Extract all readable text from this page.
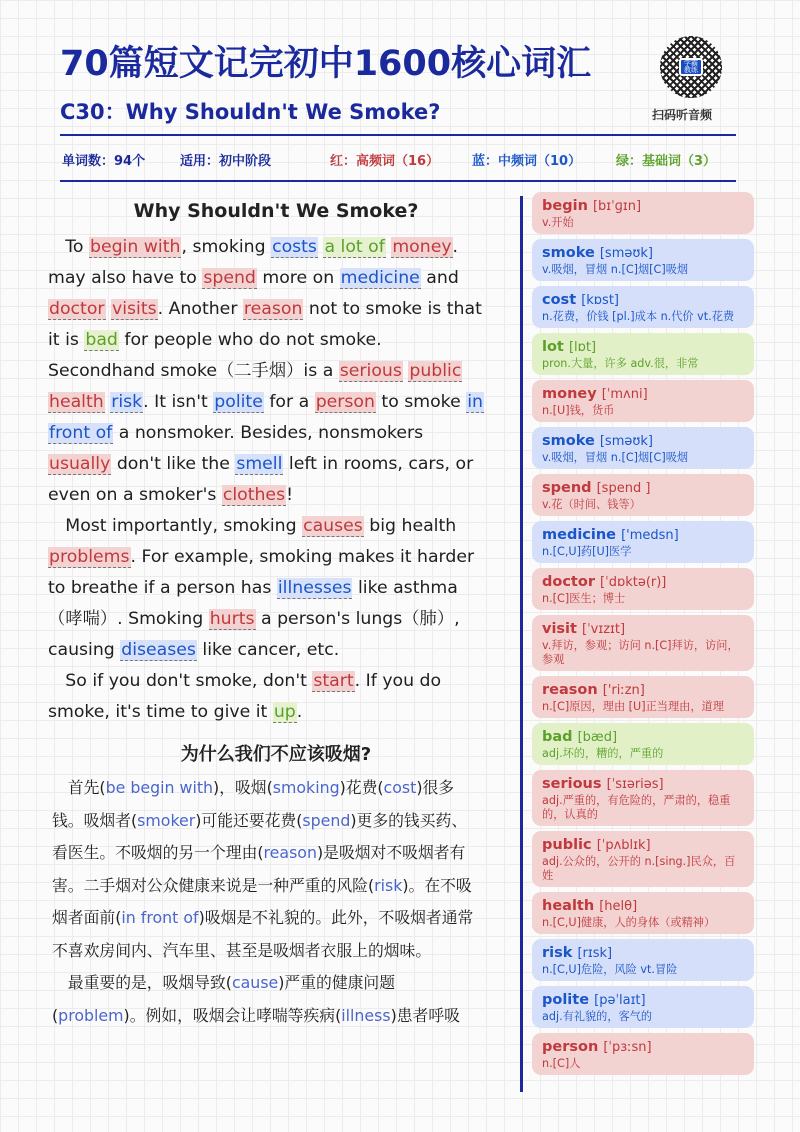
70篇短文记完初中1600核心词汇
C30：Why Shouldn't We Smoke?
学霸教练
扫码听音频
单词数：94个	适用：初中阶段	红：高频词（16）	蓝：中频词（10）	绿：基础词（3）
Why Shouldn't We Smoke?
　To begin with, smoking costs a lot of money.
may also have to spend more on medicine and
doctor visits. Another reason not to smoke is that
it is bad for people who do not smoke.
Secondhand smoke（二手烟）is a serious public
health risk. It isn't polite for a person to smoke in
front of a nonsmoker. Besides, nonsmokers
usually don't like the smell left in rooms, cars, or
even on a smoker's clothes!
　Most importantly, smoking causes big health
problems. For example, smoking makes it harder
to breathe if a person has illnesses like asthma
（哮喘）. Smoking hurts a person's lungs（肺）,
causing diseases like cancer, etc.
　So if you don't smoke, don't start. If you do
smoke, it's time to give it up.
为什么我们不应该吸烟?
　首先(be begin with)，吸烟(smoking)花费(cost)很多
钱。吸烟者(smoker)可能还要花费(spend)更多的钱买药、
看医生。不吸烟的另一个理由(reason)是吸烟对不吸烟者有
害。二手烟对公众健康来说是一种严重的风险(risk)。在不吸
烟者面前(in front of)吸烟是不礼貌的。此外，不吸烟者通常
不喜欢房间内、汽车里、甚至是吸烟者衣服上的烟味。
　最重要的是，吸烟导致(cause)严重的健康问题
(problem)。例如，吸烟会让哮喘等疾病(illness)患者呼吸
begin [bɪˈɡɪn]
v.开始
smoke [sməʊk]
v.吸烟，冒烟 n.[C]烟[C]吸烟
cost [kɒst]
n.花费，价钱 [pl.]成本 n.代价 vt.花费
lot [lɒt]
pron.大量，许多 adv.很，非常
money [ˈmʌni]
n.[U]钱，货币
smoke [sməʊk]
v.吸烟，冒烟 n.[C]烟[C]吸烟
spend [spend ]
v.花（时间、钱等）
medicine ['medsn]
n.[C,U]药[U]医学
doctor [ˈdɒktə(r)]
n.[C]医生；博士
visit [ˈvɪzɪt]
v.拜访，参观；访问 n.[C]拜访，访问，参观
reason ['riːzn]
n.[C]原因，理由 [U]正当理由，道理
bad [bæd]
adj.坏的，糟的，严重的
serious [ˈsɪəriəs]
adj.严重的，有危险的，严肃的，稳重的，认真的
public [ˈpʌblɪk]
adj.公众的，公开的 n.[sing.]民众，百姓
health [helθ]
n.[C,U]健康，人的身体（或精神）
risk [rɪsk]
n.[C,U]危险，风险 vt.冒险
polite [pəˈlaɪt]
adj.有礼貌的，客气的
person [ˈpɜːsn]
n.[C]人
